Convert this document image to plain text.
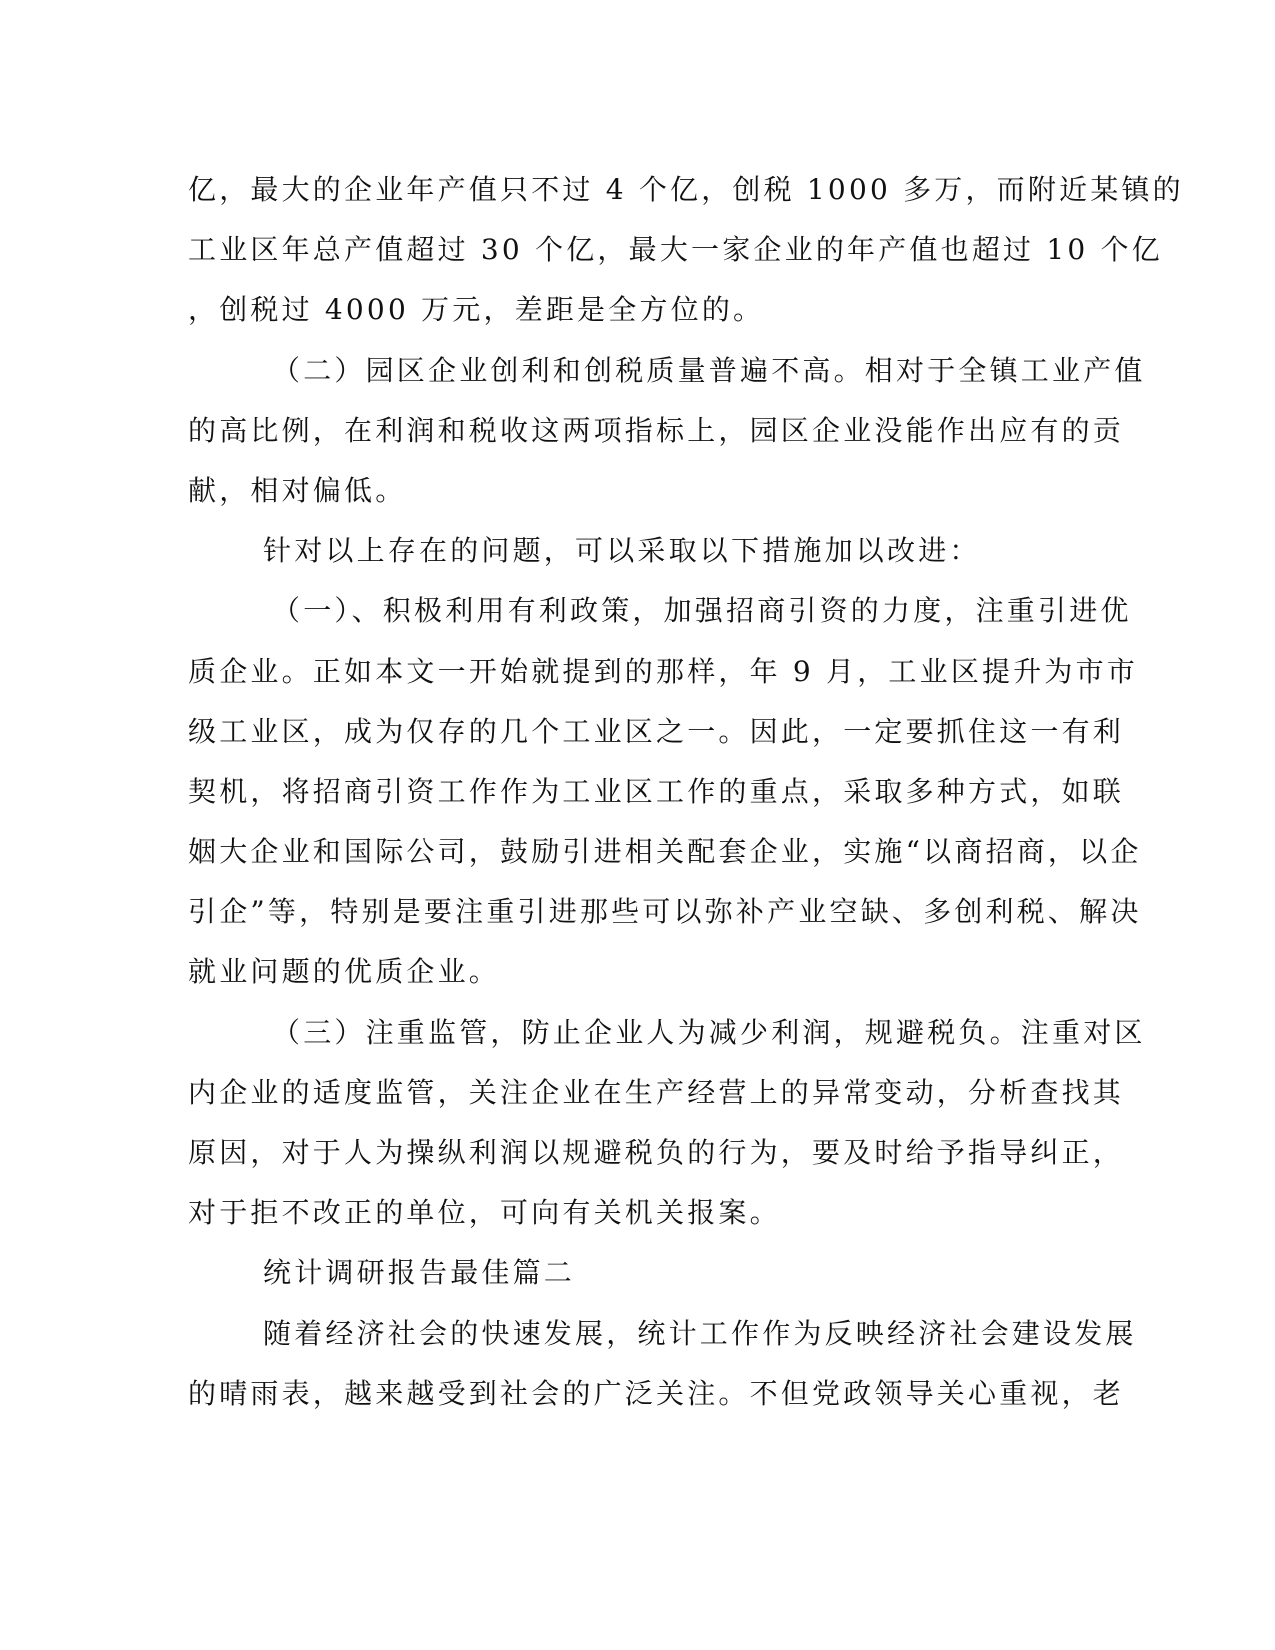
亿，最大的企业年产值只不过 4 个亿，创税 1000 多万，而附近某镇的
工业区年总产值超过 30 个亿，最大一家企业的年产值也超过 10 个亿
，创税过 4000 万元，差距是全方位的。
（二）园区企业创利和创税质量普遍不高。相对于全镇工业产值
的高比例，在利润和税收这两项指标上，园区企业没能作出应有的贡
献，相对偏低。
针对以上存在的问题，可以采取以下措施加以改进：
（一）、积极利用有利政策，加强招商引资的力度，注重引进优
质企业。正如本文一开始就提到的那样，年 9 月，工业区提升为市市
级工业区，成为仅存的几个工业区之一。因此，一定要抓住这一有利
契机，将招商引资工作作为工业区工作的重点，采取多种方式，如联
姻大企业和国际公司，鼓励引进相关配套企业，实施“以商招商，以企
引企”等，特别是要注重引进那些可以弥补产业空缺、多创利税、解决
就业问题的优质企业。
（三）注重监管，防止企业人为减少利润，规避税负。注重对区
内企业的适度监管，关注企业在生产经营上的异常变动，分析查找其
原因，对于人为操纵利润以规避税负的行为，要及时给予指导纠正，
对于拒不改正的单位，可向有关机关报案。
统计调研报告最佳篇二
随着经济社会的快速发展，统计工作作为反映经济社会建设发展
的晴雨表，越来越受到社会的广泛关注。不但党政领导关心重视，老
